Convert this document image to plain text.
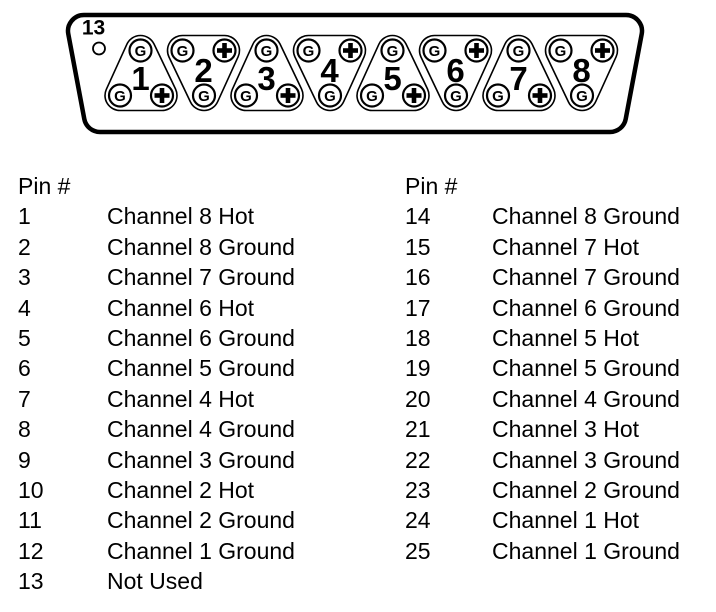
13
G
G 1
G
G
2
G
G 3
G
G
4
G
G 5
G
G
6
G
G 7
G
G
8
Pin #
1	Channel 8 Hot
2	Channel 8 Ground
3	Channel 7 Ground
4	Channel 6 Hot
5	Channel 6 Ground
6	Channel 5 Ground
7	Channel 4 Hot
8	Channel 4 Ground
9	Channel 3 Ground
10	Channel 2 Hot
11	Channel 2 Ground
12	Channel 1 Ground
13	Not Used
Pin #
14	Channel 8 Ground
15	Channel 7 Hot
16	Channel 7 Ground
17	Channel 6 Ground
18	Channel 5 Hot
19	Channel 5 Ground
20	Channel 4 Ground
21	Channel 3 Hot
22	Channel 3 Ground
23	Channel 2 Ground
24	Channel 1 Hot
25	Channel 1 Ground
